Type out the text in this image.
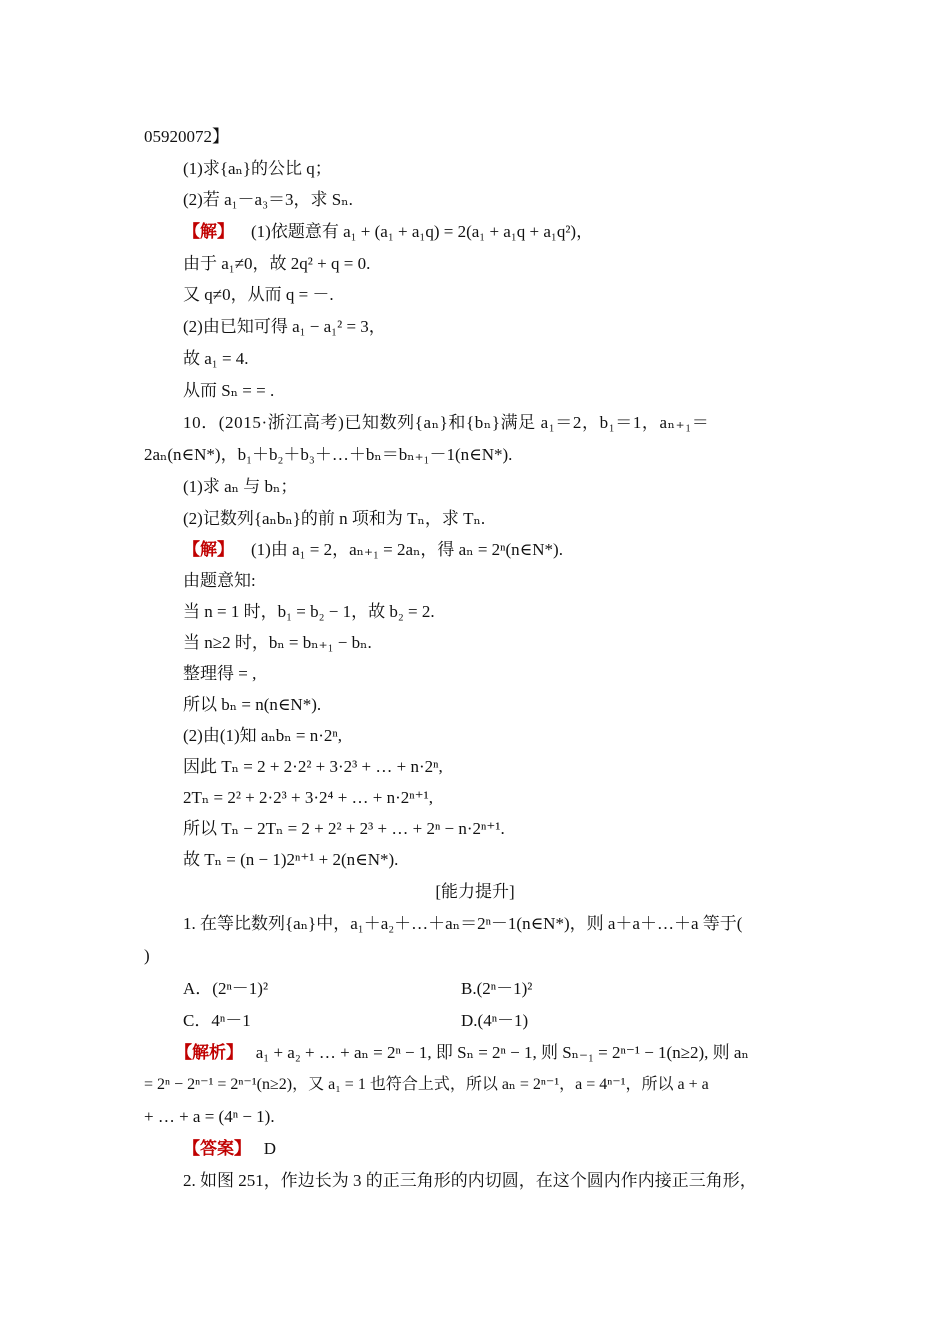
05920072】
(1)求{aₙ}的公比 q；
(2)若 a₁－a₃＝3，求 Sₙ.
【解】 (1)依题意有 a₁ + (a₁ + a₁q) = 2(a₁ + a₁q + a₁q²)，
由于 a₁≠0，故 2q² + q = 0.
又 q≠0，从而 q = －.
(2)由已知可得 a₁ − a₁² = 3，
故 a₁ = 4.
从而 Sₙ = = .
10．(2015·浙江高考)已知数列{aₙ}和{bₙ}满足 a₁＝2，b₁＝1，aₙ₊₁＝
2aₙ(n∈N*)，b₁＋b₂＋b₃＋…＋bₙ＝bₙ₊₁－1(n∈N*).
(1)求 aₙ 与 bₙ；
(2)记数列{aₙbₙ}的前 n 项和为 Tₙ，求 Tₙ.
【解】 (1)由 a₁ = 2，aₙ₊₁ = 2aₙ，得 aₙ = 2ⁿ(n∈N*).
由题意知:
当 n = 1 时，b₁ = b₂ − 1，故 b₂ = 2.
当 n≥2 时，bₙ = bₙ₊₁ − bₙ.
整理得 = ,
所以 bₙ = n(n∈N*).
(2)由(1)知 aₙbₙ = n·2ⁿ,
因此 Tₙ = 2 + 2·2² + 3·2³ + … + n·2ⁿ,
2Tₙ = 2² + 2·2³ + 3·2⁴ + … + n·2ⁿ⁺¹,
所以 Tₙ − 2Tₙ = 2 + 2² + 2³ + … + 2ⁿ − n·2ⁿ⁺¹.
故 Tₙ = (n − 1)2ⁿ⁺¹ + 2(n∈N*).
[能力提升]
1. 在等比数列{aₙ}中，a₁＋a₂＋…＋aₙ＝2ⁿ－1(n∈N*)，则 a＋a＋…＋a 等于(
)
A．(2ⁿ－1)²	B.(2ⁿ－1)²
C．4ⁿ－1	D.(4ⁿ－1)
【解析】 a₁ + a₂ + … + aₙ = 2ⁿ − 1, 即 Sₙ = 2ⁿ − 1, 则 Sₙ₋₁ = 2ⁿ⁻¹ − 1(n≥2), 则 aₙ
= 2ⁿ − 2ⁿ⁻¹ = 2ⁿ⁻¹(n≥2)，又 a₁ = 1 也符合上式，所以 aₙ = 2ⁿ⁻¹，a = 4ⁿ⁻¹，所以 a + a
+ … + a = (4ⁿ − 1).
【答案】 D
2. 如图 251，作边长为 3 的正三角形的内切圆，在这个圆内作内接正三角形，
